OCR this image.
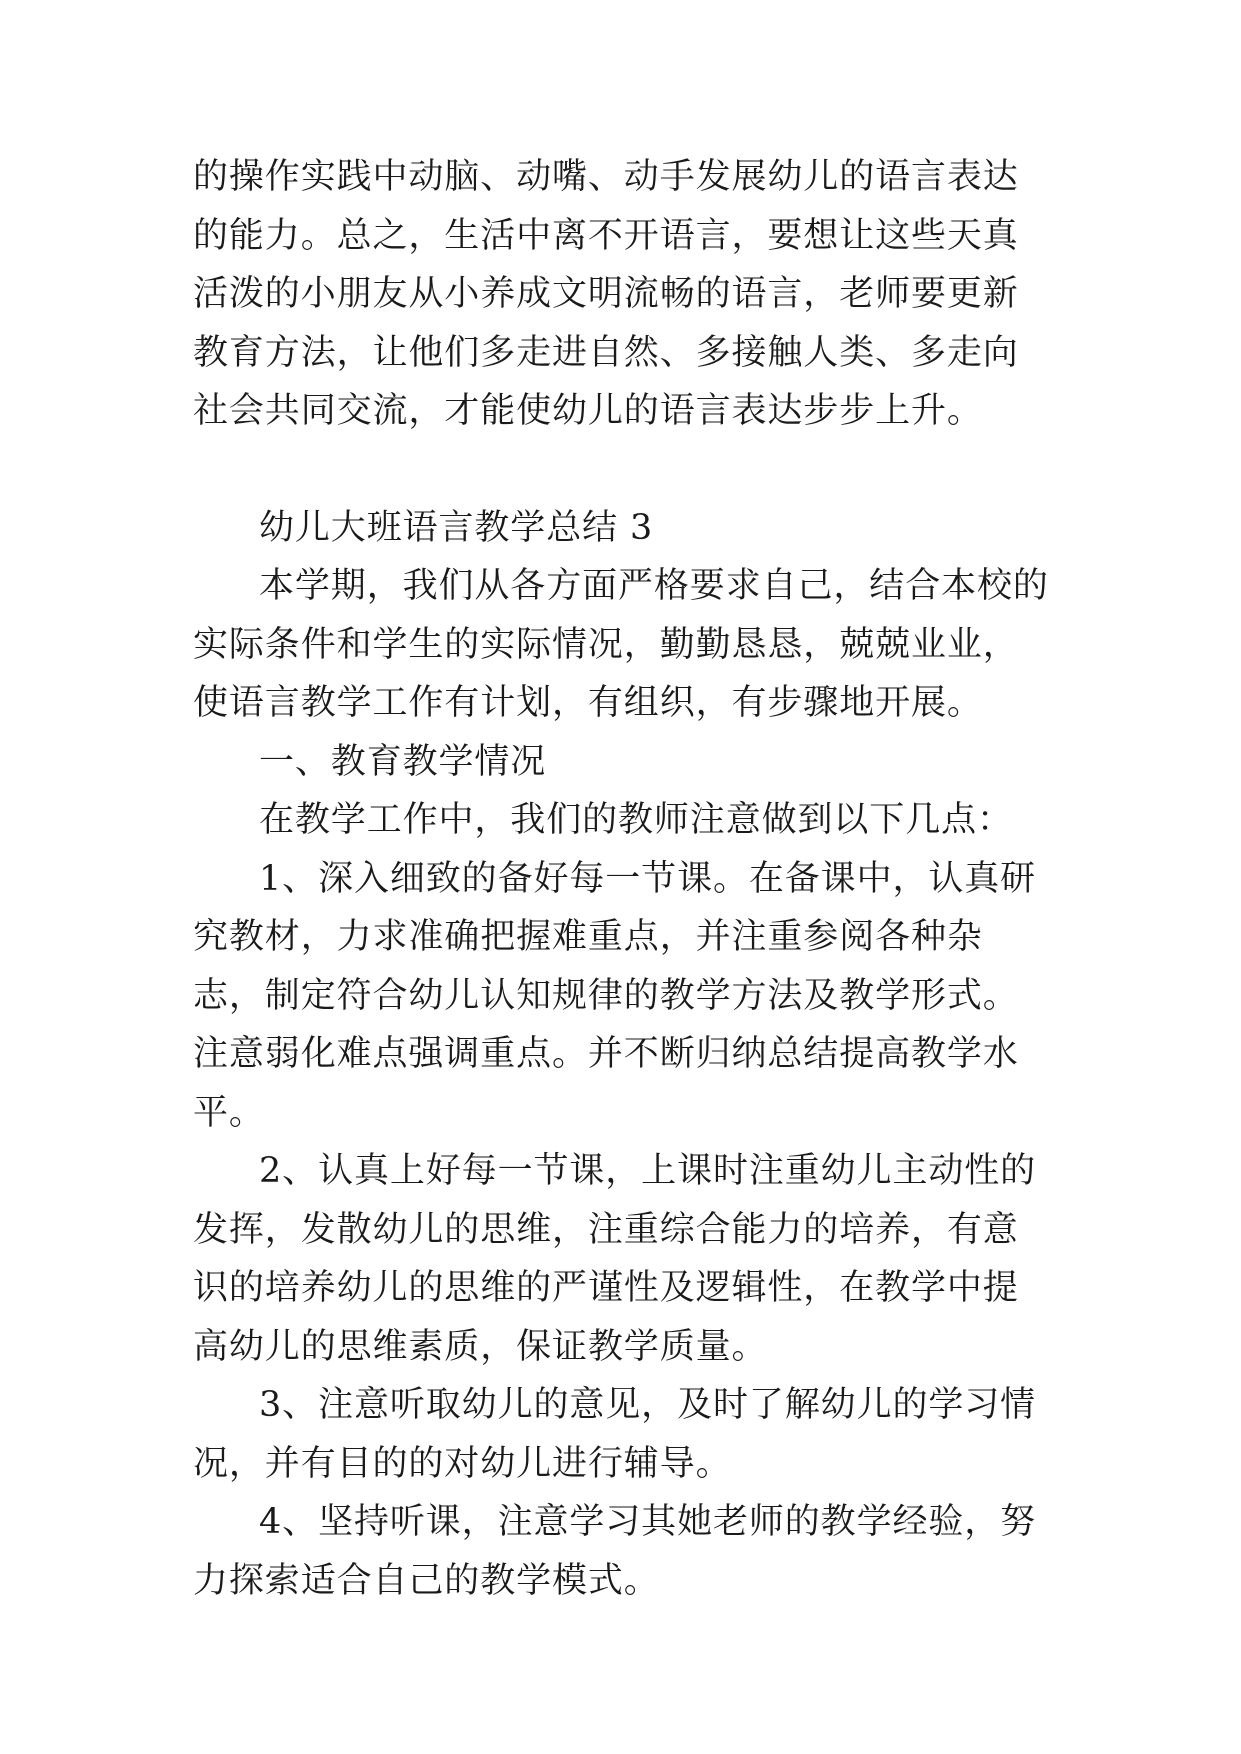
的操作实践中动脑、动嘴、动手发展幼儿的语言表达的能力。总之，生活中离不开语言，要想让这些天真活泼的小朋友从小养成文明流畅的语言，老师要更新教育方法，让他们多走进自然、多接触人类、多走向社会共同交流，才能使幼儿的语言表达步步上升。

幼儿大班语言教学总结 3

本学期，我们从各方面严格要求自己，结合本校的实际条件和学生的实际情况，勤勤恳恳，兢兢业业，使语言教学工作有计划，有组织，有步骤地开展。

一、教育教学情况

在教学工作中，我们的教师注意做到以下几点：

1、深入细致的备好每一节课。在备课中，认真研究教材，力求准确把握难重点，并注重参阅各种杂志，制定符合幼儿认知规律的教学方法及教学形式。注意弱化难点强调重点。并不断归纳总结提高教学水平。

2、认真上好每一节课，上课时注重幼儿主动性的发挥，发散幼儿的思维，注重综合能力的培养，有意识的培养幼儿的思维的严谨性及逻辑性，在教学中提高幼儿的思维素质，保证教学质量。

3、注意听取幼儿的意见，及时了解幼儿的学习情况，并有目的的对幼儿进行辅导。

4、坚持听课，注意学习其她老师的教学经验，努力探索适合自己的教学模式。
